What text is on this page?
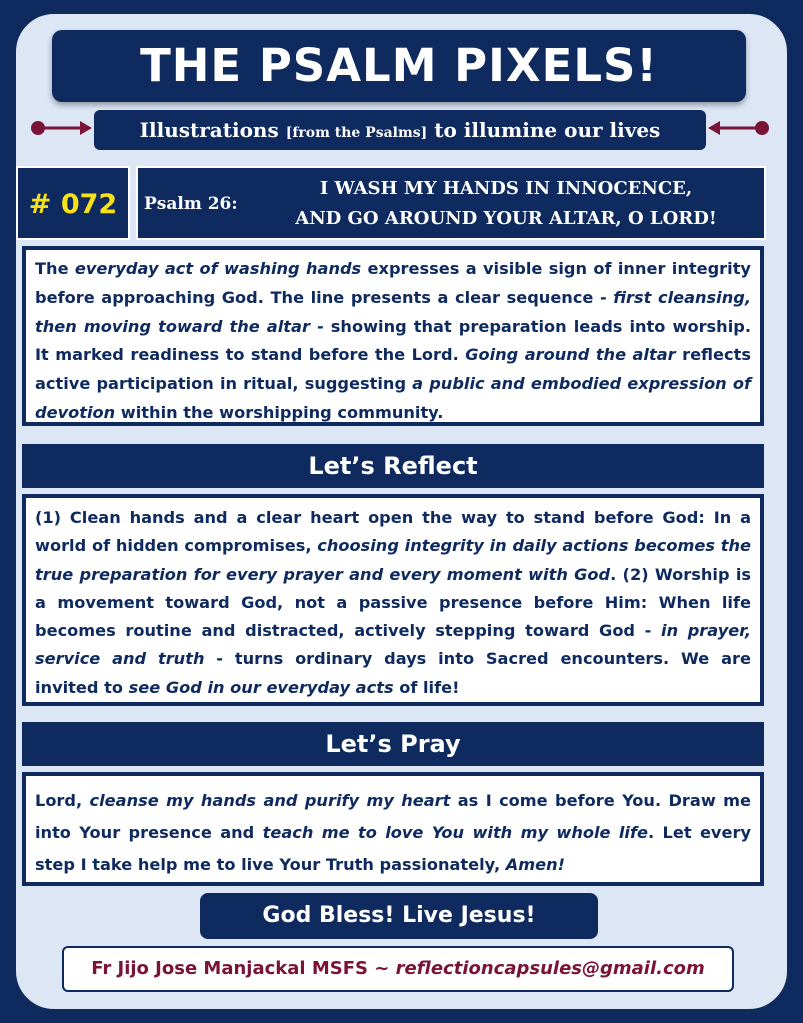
THE PSALM PIXELS!
Illustrations [from the Psalms] to illumine our lives
# 072	Psalm 26:
I WASH MY HANDS IN INNOCENCE,
AND GO AROUND YOUR ALTAR, O LORD!

The everyday act of washing hands expresses a visible sign of inner integrity before approaching God. The line presents a clear sequence - first cleansing, then moving toward the altar - showing that preparation leads into worship. It marked readiness to stand before the Lord. Going around the altar reflects active participation in ritual, suggesting a public and embodied expression of devotion within the worshipping community.

Let’s Reflect

(1) Clean hands and a clear heart open the way to stand before God: In a world of hidden compromises, choosing integrity in daily actions becomes the true preparation for every prayer and every moment with God. (2) Worship is a movement toward God, not a passive presence before Him: When life becomes routine and distracted, actively stepping toward God - in prayer, service and truth - turns ordinary days into Sacred encounters. We are invited to see God in our everyday acts of life!

Let’s Pray

Lord, cleanse my hands and purify my heart as I come before You. Draw me into Your presence and teach me to love You with my whole life. Let every step I take help me to live Your Truth passionately, Amen!

God Bless! Live Jesus!
Fr Jijo Jose Manjackal MSFS ~ reflectioncapsules@gmail.com
